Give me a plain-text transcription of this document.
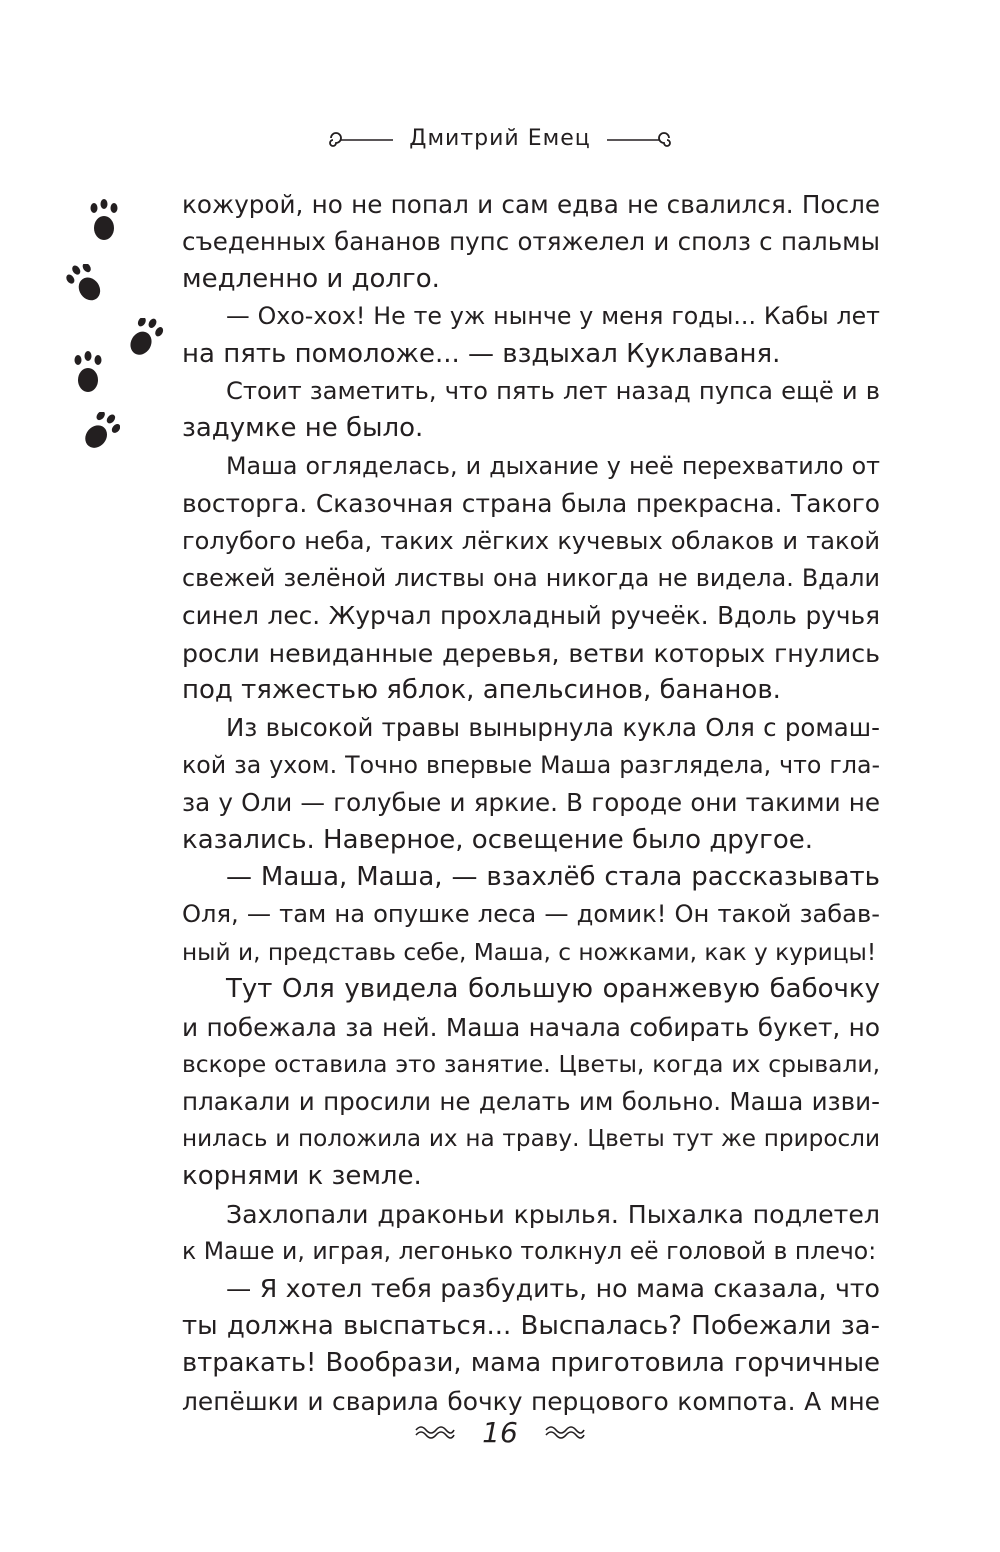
Дмитрий Емец
кожурой, но не попал и сам едва не свалился. После
съеденных бананов пупс отяжелел и сполз с пальмы
медленно и долго.
— Охо-хох! Не те уж нынче у меня годы... Кабы лет
на пять помоложе... — вздыхал Куклаваня.
Стоит заметить, что пять лет назад пупса ещё и в
задумке не было.
Маша огляделась, и дыхание у неё перехватило от
восторга. Сказочная страна была прекрасна. Такого
голубого неба, таких лёгких кучевых облаков и такой
свежей зелёной листвы она никогда не видела. Вдали
синел лес. Журчал прохладный ручеёк. Вдоль ручья
росли невиданные деревья, ветви которых гнулись
под тяжестью яблок, апельсинов, бананов.
Из высокой травы вынырнула кукла Оля с ромаш-
кой за ухом. Точно впервые Маша разглядела, что гла-
за у Оли — голубые и яркие. В городе они такими не
казались. Наверное, освещение было другое.
— Маша, Маша, — взахлёб стала рассказывать
Оля, — там на опушке леса — домик! Он такой забав-
ный и, представь себе, Маша, с ножками, как у курицы!
Тут Оля увидела большую оранжевую бабочку
и побежала за ней. Маша начала собирать букет, но
вскоре оставила это занятие. Цветы, когда их срывали,
плакали и просили не делать им больно. Маша изви-
нилась и положила их на траву. Цветы тут же приросли
корнями к земле.
Захлопали драконьи крылья. Пыхалка подлетел
к Маше и, играя, легонько толкнул её головой в плечо:
— Я хотел тебя разбудить, но мама сказала, что
ты должна выспаться... Выспалась? Побежали за-
втракать! Вообрази, мама приготовила горчичные
лепёшки и сварила бочку перцового компота. А мне
16
